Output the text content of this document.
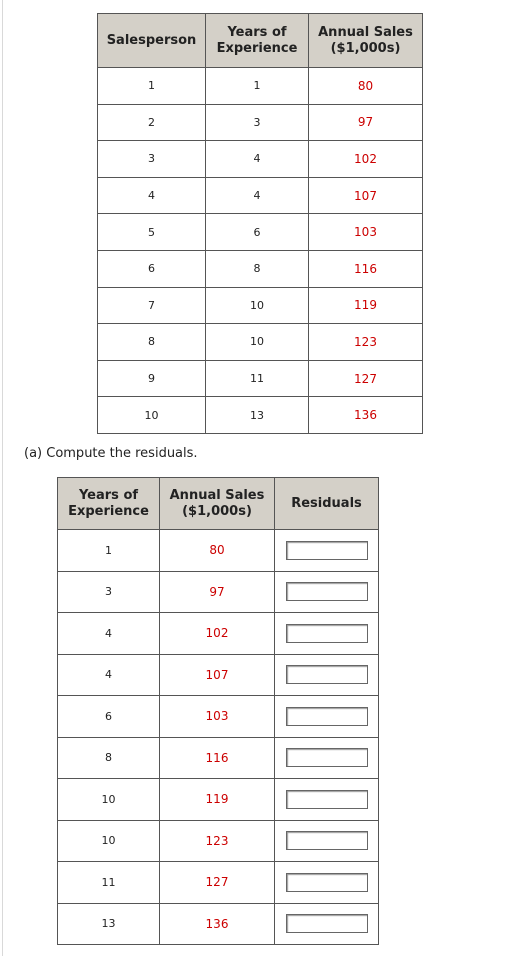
Salesperson	Years of
Experience	Annual Sales
($1,000s)
1	1	80
2	3	97
3	4	102
4	4	107
5	6	103
6	8	116
7	10	119
8	10	123
9	11	127
10	13	136

(a) Compute the residuals.

Years of
Experience	Annual Sales
($1,000s)	Residuals
1	80	

3	97	

4	102	

4	107	

6	103	

8	116	

10	119	

10	123	

11	127	

13	136	
